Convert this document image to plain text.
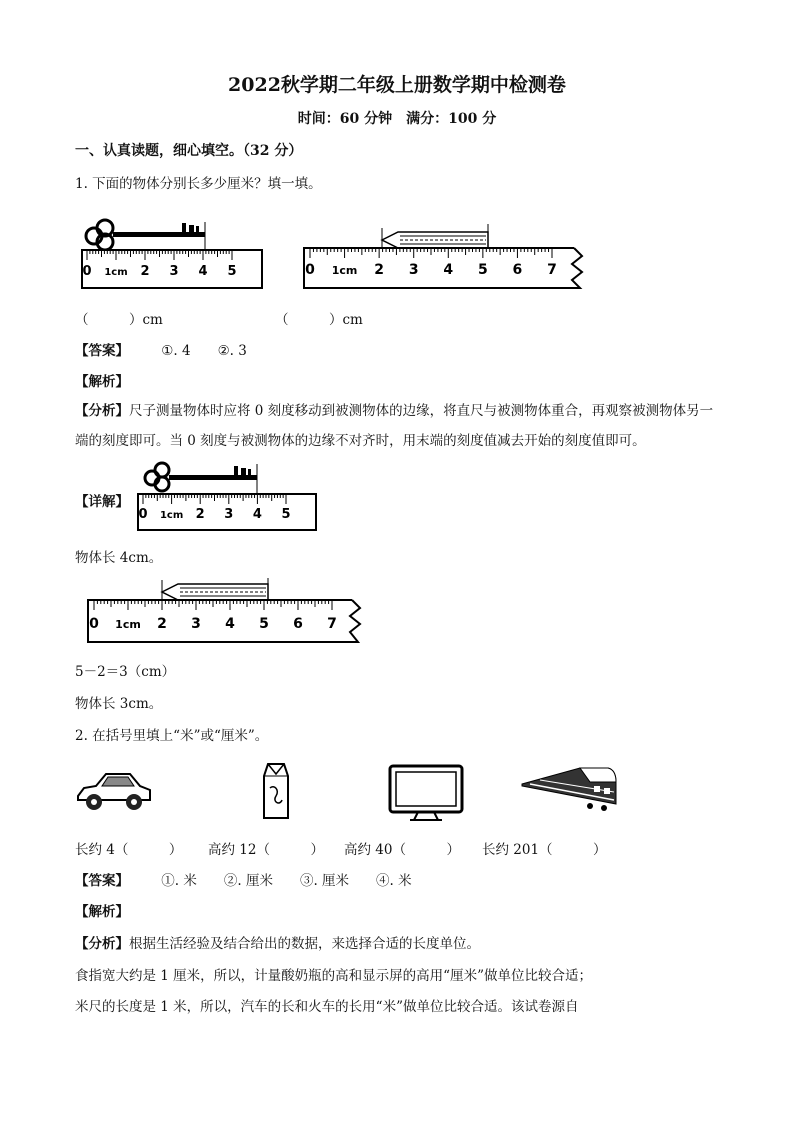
2022秋学期二年级上册数学期中检测卷
时间：60 分钟　满分：100 分
一、认真读题，细心填空。（32 分）
1. 下面的物体分别长多少厘米？填一填。
0 1cm 2 3 4 5	0 1cm 2 3 4 5 6 7
（　　　）cm	（　　　）cm
【答案】 ①. 4　　②. 3
【解析】
【分析】尺子测量物体时应将 0 刻度移动到被测物体的边缘，将直尺与被测物体重合，再观察被测物体另一端的刻度即可。当 0 刻度与被测物体的边缘不对齐时，用末端的刻度值减去开始的刻度值即可。
【详解】
0 1cm 2 3 4 5
物体长 4cm。
0 1cm 2 3 4 5 6 7
5－2＝3（cm）
物体长 3cm。
2. 在括号里填上“米”或“厘米”。
长约 4（　　　） 高约 12（　　　） 高约 40（　　　） 长约 201（　　　）
【答案】 ①. 米　　②. 厘米　　③. 厘米　　④. 米
【解析】
【分析】根据生活经验及结合给出的数据，来选择合适的长度单位。
食指宽大约是 1 厘米，所以，计量酸奶瓶的高和显示屏的高用“厘米”做单位比较合适；
米尺的长度是 1 米，所以，汽车的长和火车的长用“米”做单位比较合适。该试卷源自
